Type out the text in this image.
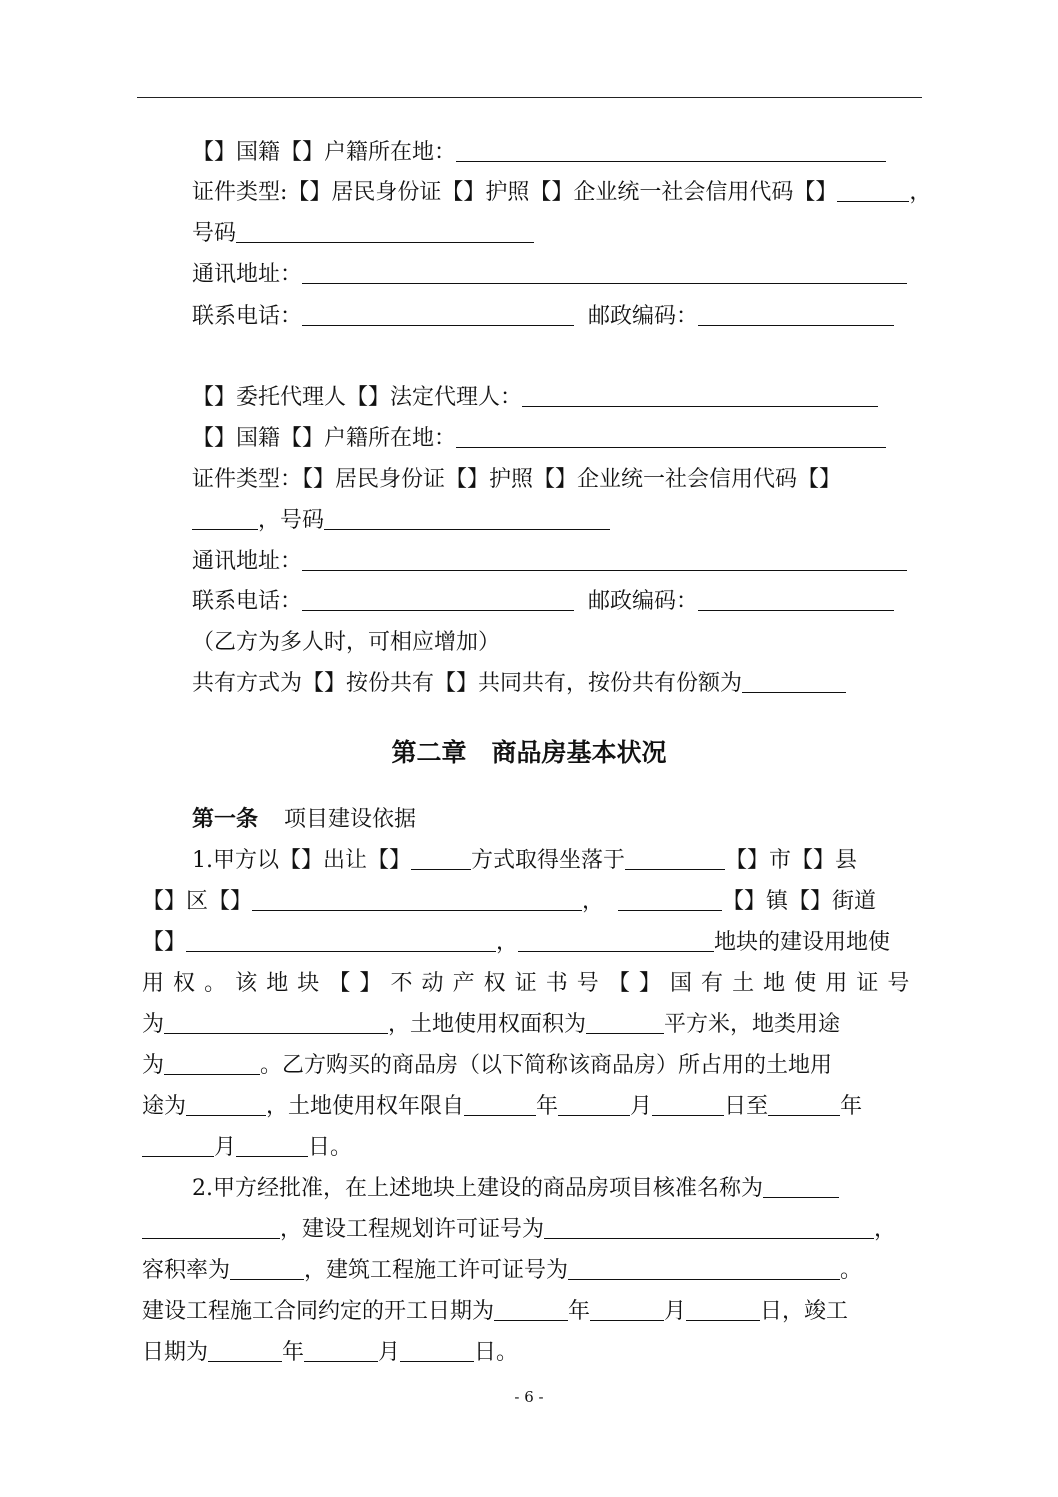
【】国籍【】户籍所在地：
证件类型:【】居民身份证【】护照【】企业统一社会信用代码【】	，
号码
通讯地址：
联系电话：	邮政编码：
【】委托代理人【】法定代理人：
【】国籍【】户籍所在地：
证件类型：【】居民身份证【】护照【】企业统一社会信用代码【】
，号码
通讯地址：
联系电话：	邮政编码：
（乙方为多人时，可相应增加）
共有方式为【】按份共有【】共同共有，按份共有份额为
第二章　商品房基本状况
第一条 项目建设依据
1.甲方以【】出让【】	方式取得坐落于	【】市【】县
【】区【】	，	【】镇【】街道
【】	，	地块的建设用地使
用权。该地块【】不动产权证书号【】国有土地使用证号
为	，土地使用权面积为	平方米，地类用途
为	。乙方购买的商品房（以下简称该商品房）所占用的土地用
途为	，土地使用权年限自	年	月	日至	年
月	日。
2.甲方经批准，在上述地块上建设的商品房项目核准名称为
，建设工程规划许可证号为	，
容积率为	，建筑工程施工许可证号为	。
建设工程施工合同约定的开工日期为	年	月	日，竣工
日期为	年	月	日。
- 6 -
